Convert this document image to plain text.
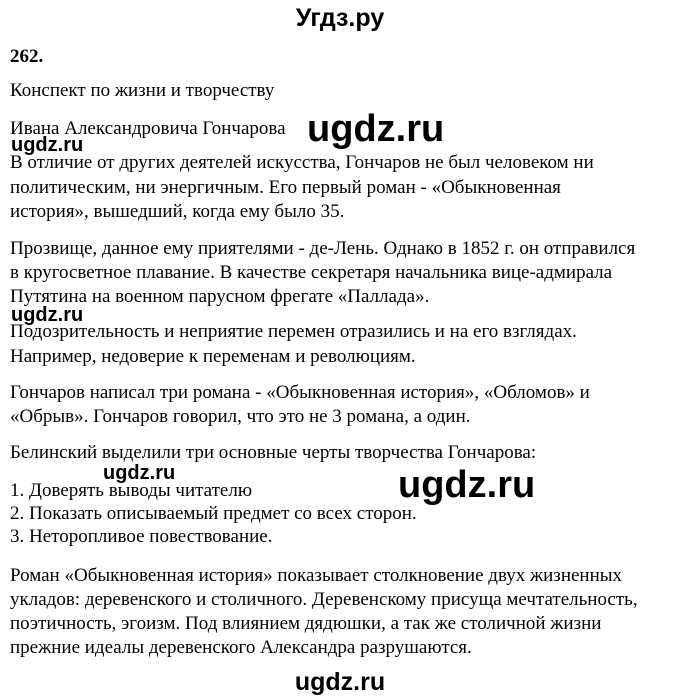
Угдз.ру
262.
Конспект по жизни и творчеству
Ивана Александровича Гончарова
В отличие от других деятелей искусства, Гончаров не был человеком ни
политическим, ни энергичным. Его первый роман - «Обыкновенная
история», вышедший, когда ему было 35.
Прозвище, данное ему приятелями - де-Лень. Однако в 1852 г. он отправился
в кругосветное плавание. В качестве секретаря начальника вице-адмирала
Путятина на военном парусном фрегате «Паллада».
Подозрительность и неприятие перемен отразились и на его взглядах.
Например, недоверие к переменам и революциям.
Гончаров написал три романа - «Обыкновенная история», «Обломов» и
«Обрыв». Гончаров говорил, что это не 3 романа, а один.
Белинский выделили три основные черты творчества Гончарова:
1. Доверять выводы читателю
2. Показать описываемый предмет со всех сторон.
3. Неторопливое повествование.
Роман «Обыкновенная история» показывает столкновение двух жизненных
укладов: деревенского и столичного. Деревенскому присуща мечтательность,
поэтичность, эгоизм. Под влиянием дядюшки, а так же столичной жизни
прежние идеалы деревенского Александра разрушаются.
ugdz.ru
ugdz.ru
ugdz.ru
ugdz.ru	ugdz.ru
ugdz.ru
